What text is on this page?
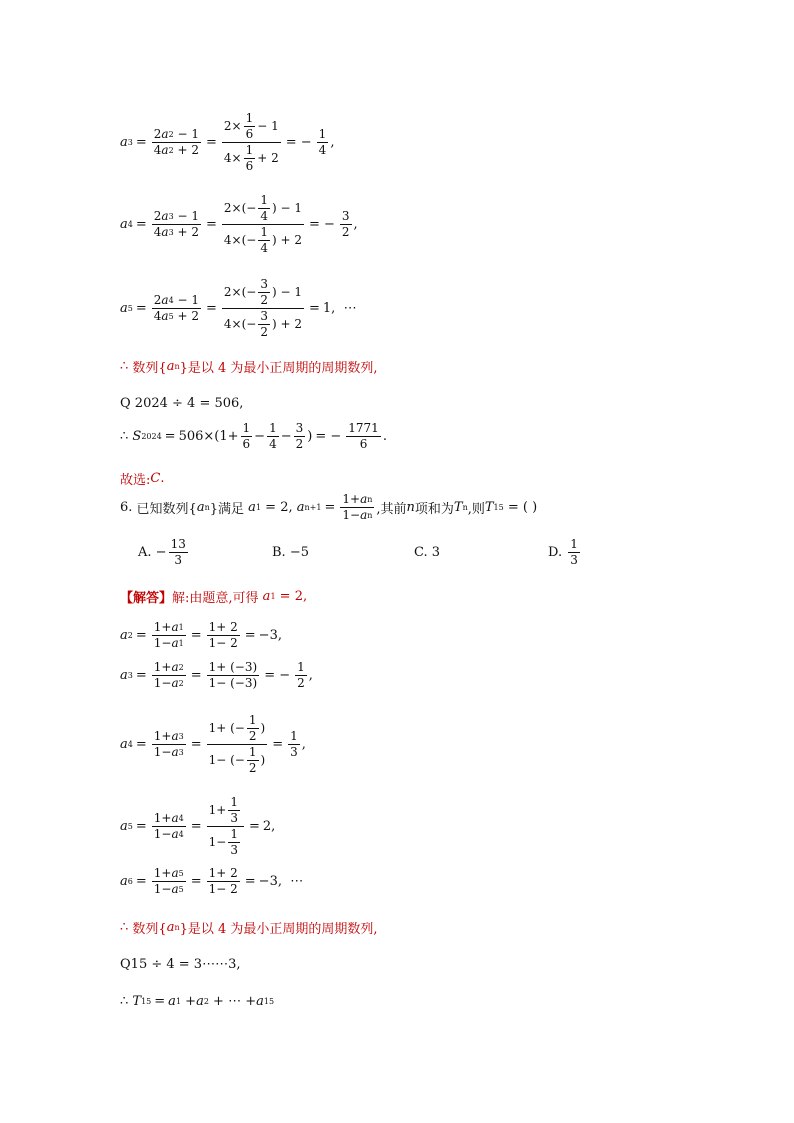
a $3 = \frac{2 a 2 - 1}{4 a 2 + 2} = \frac{2\times \frac{1}{6} - 1}{4\times \frac{1}{6} + 2}$ = − $\frac{1}{4}$ ,
a $4 = \frac{2 a 3 - 1}{4 a 3 + 2} = \frac{2\times(- \frac{1}{4} ) - 1}{4\times(- \frac{1}{4} ) + 2}$ = − $\frac{3}{2}$ ,
a $5 = \frac{2 a 4 - 1}{4 a 5 + 2} = \frac{2\times(- \frac{3}{2} ) - 1}{4\times(- \frac{3}{2} ) + 2} = 1$ , ⋯
∴ 数列{ a n }是以 4 为最小正周期的周期数列,
Q 2024 ÷ 4 = 506,
∴ S $2024 = 506\times(1+ \frac{1}{6} - \frac{1}{4} - \frac{3}{2}$ ) = − $\frac{1771}{6}$ .
故选: C .
6.
已知数列{ a n }满足
a 1 = 2, a $n+1 = \frac{\text{1+ a n}}{\text{1− a n}}$ ,其前 n 项和为 T n ,则 T 15
= ( )
A. − $\frac{13}{3}$	B.
−5	C.
3	D.
$\frac{1}{3}$
【解答】 解:由题意,可得
a 1 = 2,
a $2 = \frac{1+ a 1}{1- a 1} = \frac{1+ 2}{1- 2} = -3$,
a $3 = \frac{1+ a 2}{1- a 2} = \frac{1+ (-3)}{1- (-3)}$ = − $\frac{1}{2}$ ,
a $4 = \frac{1+ a 3}{1- a 3} = \frac{1+ (- \frac{1}{2} )}{1- (- \frac{1}{2} )} = \frac{1}{3}$ ,
a $5 = \frac{1+ a 4}{1- a 4} = \frac{1+ \frac{1}{3}}{1- \frac{1}{3}} = 2$,
a $6 = \frac{1+ a 5}{1- a 5} = \frac{1+ 2}{1- 2} = -3$,  ⋯
∴ 数列{ a n }是以 4 为最小正周期的周期数列,
Q 15 ÷ 4 = 3⋯⋯3,
∴ T 15 = a 1 + a 2 + ⋯ + a 15
